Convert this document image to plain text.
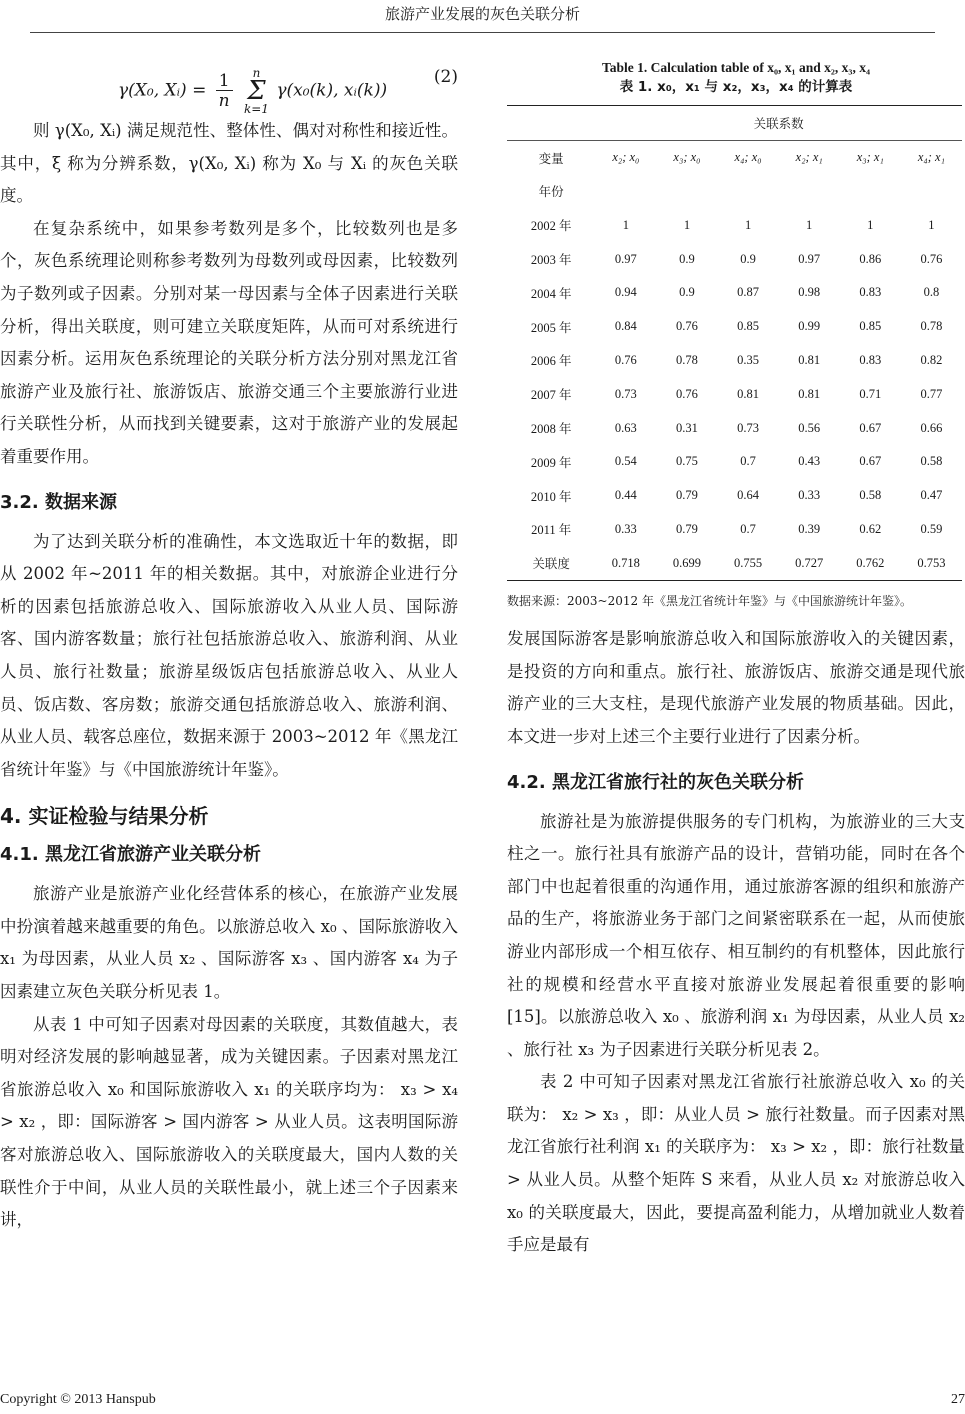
旅游产业发展的灰色关联分析
γ(X₀, Xᵢ) = $\frac{1}{n}$ n
Σ
k=1 γ(x₀(k), xᵢ(k))
(2)

则 γ(X₀, Xᵢ) 满足规范性、整体性、偶对对称性和接近性。其中，ξ 称为分辨系数，γ(X₀, Xᵢ) 称为 X₀ 与 Xᵢ 的灰色关联度。

在复杂系统中，如果参考数列是多个，比较数列也是多个，灰色系统理论则称参考数列为母数列或母因素，比较数列为子数列或子因素。分别对某一母因素与全体子因素进行关联分析，得出关联度，则可建立关联度矩阵，从而可对系统进行因素分析。运用灰色系统理论的关联分析方法分别对黑龙江省旅游产业及旅行社、旅游饭店、旅游交通三个主要旅游行业进行关联性分析，从而找到关键要素，这对于旅游产业的发展起着重要作用。

3.2. 数据来源

为了达到关联分析的准确性，本文选取近十年的数据，即从 2002 年~2011 年的相关数据。其中，对旅游企业进行分析的因素包括旅游总收入、国际旅游收入从业人员、国际游客、国内游客数量；旅行社包括旅游总收入、旅游利润、从业人员、旅行社数量；旅游星级饭店包括旅游总收入、从业人员、饭店数、客房数；旅游交通包括旅游总收入、旅游利润、从业人员、载客总座位，数据来源于 2003~2012 年《黑龙江省统计年鉴》与《中国旅游统计年鉴》。

4. 实证检验与结果分析
4.1. 黑龙江省旅游产业关联分析

旅游产业是旅游产业化经营体系的核心，在旅游产业发展中扮演着越来越重要的角色。以旅游总收入 x₀ 、国际旅游收入 x₁ 为母因素，从业人员 x₂ 、国际游客 x₃ 、国内游客 x₄ 为子因素建立灰色关联分析见表 1。

从表 1 中可知子因素对母因素的关联度，其数值越大，表明对经济发展的影响越显著，成为关键因素。子因素对黑龙江省旅游总收入 x₀ 和国际旅游收入 x₁ 的关联序均为： x₃ > x₄ > x₂ ，即：国际游客 > 国内游客 > 从业人员。这表明国际游客对旅游总收入、国际旅游收入的关联度最大，国内人数的关联性介于中间，从业人员的关联性最小，就上述三个子因素来讲，

Table 1. Calculation table of x₀, x₁ and x₂, x₃, x₄
表 1. x₀，x₁ 与 x₂，x₃，x₄ 的计算表
	关联系数					
变量	x₂; x₀	x₃; x₀	x₄; x₀	x₂; x₁	x₃; x₁	x₄; x₁
年份						
2002 年	1	1	1	1	1	1
2003 年	0.97	0.9	0.9	0.97	0.86	0.76
2004 年	0.94	0.9	0.87	0.98	0.83	0.8
2005 年	0.84	0.76	0.85	0.99	0.85	0.78
2006 年	0.76	0.78	0.35	0.81	0.83	0.82
2007 年	0.73	0.76	0.81	0.81	0.71	0.77
2008 年	0.63	0.31	0.73	0.56	0.67	0.66
2009 年	0.54	0.75	0.7	0.43	0.67	0.58
2010 年	0.44	0.79	0.64	0.33	0.58	0.47
2011 年	0.33	0.79	0.7	0.39	0.62	0.59
关联度	0.718	0.699	0.755	0.727	0.762	0.753
数据来源：2003~2012 年《黑龙江省统计年鉴》与《中国旅游统计年鉴》。

发展国际游客是影响旅游总收入和国际旅游收入的关键因素，是投资的方向和重点。旅行社、旅游饭店、旅游交通是现代旅游产业的三大支柱，是现代旅游产业发展的物质基础。因此，本文进一步对上述三个主要行业进行了因素分析。

4.2. 黑龙江省旅行社的灰色关联分析

旅游社是为旅游提供服务的专门机构，为旅游业的三大支柱之一。旅行社具有旅游产品的设计，营销功能，同时在各个部门中也起着很重的沟通作用，通过旅游客源的组织和旅游产品的生产，将旅游业务于部门之间紧密联系在一起，从而使旅游业内部形成一个相互依存、相互制约的有机整体，因此旅行社的规模和经营水平直接对旅游业发展起着很重要的影响[15]。以旅游总收入 x₀ 、旅游利润 x₁ 为母因素，从业人员 x₂ 、旅行社 x₃ 为子因素进行关联分析见表 2。

表 2 中可知子因素对黑龙江省旅行社旅游总收入 x₀ 的关联为： x₂ > x₃ ，即：从业人员 > 旅行社数量。而子因素对黑龙江省旅行社利润 x₁ 的关联序为： x₃ > x₂ ，即：旅行社数量 > 从业人员。从整个矩阵 S 来看，从业人员 x₂ 对旅游总收入 x₀ 的关联度最大，因此，要提高盈利能力，从增加就业人数着手应是最有

Copyright © 2013 Hanspub	27
